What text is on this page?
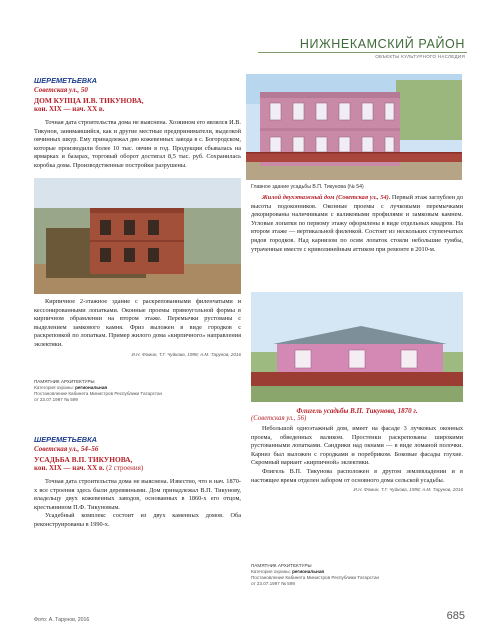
НИЖНЕКАМСКИЙ РАЙОН
ОБЪЕКТЫ КУЛЬТУРНОГО НАСЛЕДИЯ
ШЕРЕМЕТЬЕВКА
Советская ул., 50
ДОМ КУПЦА И.В. ТИКУНОВА,
кон. XIX — нач. XX в.

Точная дата строительства дома не выяснена. Хозяином его являлся И.В. Тикунов, занимавшийся, как и другие местные предприниматели, выделкой овчинных шкур. Ему принадлежал дво кожевенных завода в с. Богородском, которые производили более 10 тыс. овчин в год. Продукция сбывалась на ярмарках и базарах, торговый оборот достигал 8,5 тыс. руб. Сохранилась коробка дома. Производственные постройки разрушены.

Главное здание усадьбы В.П. Тикунова (№ 54)

Жилой двухэтажный дом (Советская ул., 54). Первый этаж заглублен до высоты подоконников. Оконные проемы с лучковыми перемычками декорированы наличниками с валиковыми профилями и замковым камнем. Угловые лопатки по первому этажу оформлены в виде отдельных квадров. На втором этаже — вертикальной филенкой. Состоит из нескольких ступенчатых рядов городков. Над карнизом по осям лопаток стояли небольшие тумбы, утраченные вместе с криволинейным аттиком при ремонте в 2010-м.

Кирпичное 2-этажное здание с раскрепованными филенчатыми и кессонированными лопатками. Оконные проемы прямоугольной формы в кирпичном обрамлении на втором этаже. Перемычки рустованы с выделением замкового камня. Фриз выложен в виде городков с раскреповкой по лопаткам. Пример жилого дома «кирпичного» направления эклектики.

И.Н. Фомин, Т.Г. Чуйкова, 1998; А.М. Тарунов, 2016
ПАМЯТНИК АРХИТЕКТУРЫ
Категория охраны: региональная
Постановление Кабинета Министров Республики Татарстан
от 23.07.1997 № 599
ШЕРЕМЕТЬЕВКА
Советская ул., 54–56
УСАДЬБА В.П. ТИКУНОВА,
кон. XIX — нач. XX в. (2 строения)

Точная дата строительства дома не выяснена. Известно, что в нач. 1870-х все строения здесь были деревянными. Дом принадлежал В.П. Тикунову, владельцу двух кожевенных заводов, основанных в 1860-х его отцом, крестьянином П.Ф. Тикуновым.

Усадебный комплекс состоит из двух каменных домов. Оба реконструированы в 1990-х.

Флигель усадьбы В.П. Тикунова, 1870 г.
(Советская ул., 56)

Небольшой одноэтажный дом, имеет на фасаде 3 лучковых оконных проема, обведенных валиком. Простенки раскрепованы широкими рустованными лопатками. Сандрики над окнами — в виде ломаной полочки. Карниз был выложен с городками и поребриком. Боковые фасады глухие. Скромный вариант «кирпичной» эклектики.

Флигель В.П. Тикунова расположен в другом землевладении и в настоящее время отделен забором от основного дома сельской усадьбы.

И.Н. Фомин, Т.Г. Чуйкова, 1998; А.М. Тарунов, 2016
ПАМЯТНИК АРХИТЕКТУРЫ
Категория охраны: региональная
Постановление Кабинета Министров Республики Татарстан
от 23.07.1997 № 599
Фото: А. Тарунов, 2016	685
